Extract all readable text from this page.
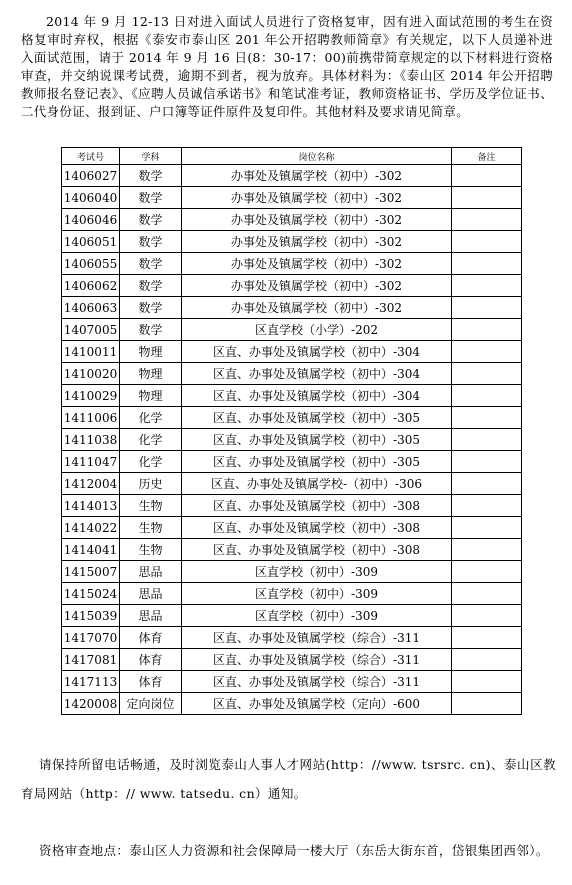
2014 年 9 月 12-13 日对进入面试人员进行了资格复审，因有进入面试范围的考生在资格复审时弃权，根据《泰安市泰山区 201 年公开招聘教师简章》有关规定，以下人员递补进入面试范围，请于 2014 年 9 月 16 日(8：30-17：00)前携带简章规定的以下材料进行资格审查，并交纳说课考试费，逾期不到者，视为放弃。具体材料为：《泰山区 2014 年公开招聘教师报名登记表》、《应聘人员诚信承诺书》和笔试准考证，教师资格证书、学历及学位证书、二代身份证、报到证、户口簿等证件原件及复印件。其他材料及要求请见简章。

考试号	学科	岗位名称	备注
1406027	数学	办事处及镇属学校（初中）-302	
1406040	数学	办事处及镇属学校（初中）-302	
1406046	数学	办事处及镇属学校（初中）-302	
1406051	数学	办事处及镇属学校（初中）-302	
1406055	数学	办事处及镇属学校（初中）-302	
1406062	数学	办事处及镇属学校（初中）-302	
1406063	数学	办事处及镇属学校（初中）-302	
1407005	数学	区直学校（小学）-202	
1410011	物理	区直、办事处及镇属学校（初中）-304	
1410020	物理	区直、办事处及镇属学校（初中）-304	
1410029	物理	区直、办事处及镇属学校（初中）-304	
1411006	化学	区直、办事处及镇属学校（初中）-305	
1411038	化学	区直、办事处及镇属学校（初中）-305	
1411047	化学	区直、办事处及镇属学校（初中）-305	
1412004	历史	区直、办事处及镇属学校-（初中）-306	
1414013	生物	区直、办事处及镇属学校（初中）-308	
1414022	生物	区直、办事处及镇属学校（初中）-308	
1414041	生物	区直、办事处及镇属学校（初中）-308	
1415007	思品	区直学校（初中）-309	
1415024	思品	区直学校（初中）-309	
1415039	思品	区直学校（初中）-309	
1417070	体育	区直、办事处及镇属学校（综合）-311	
1417081	体育	区直、办事处及镇属学校（综合）-311	
1417113	体育	区直、办事处及镇属学校（综合）-311	
1420008	定向岗位	区直、办事处及镇属学校（定向）-600	

请保持所留电话畅通，及时浏览泰山人事人才网站(http：//www. tsrsrc. cn)、泰山区教育局网站（http：// www. tatsedu. cn）通知。

资格审查地点：泰山区人力资源和社会保障局一楼大厅（东岳大街东首，岱银集团西邻）。
